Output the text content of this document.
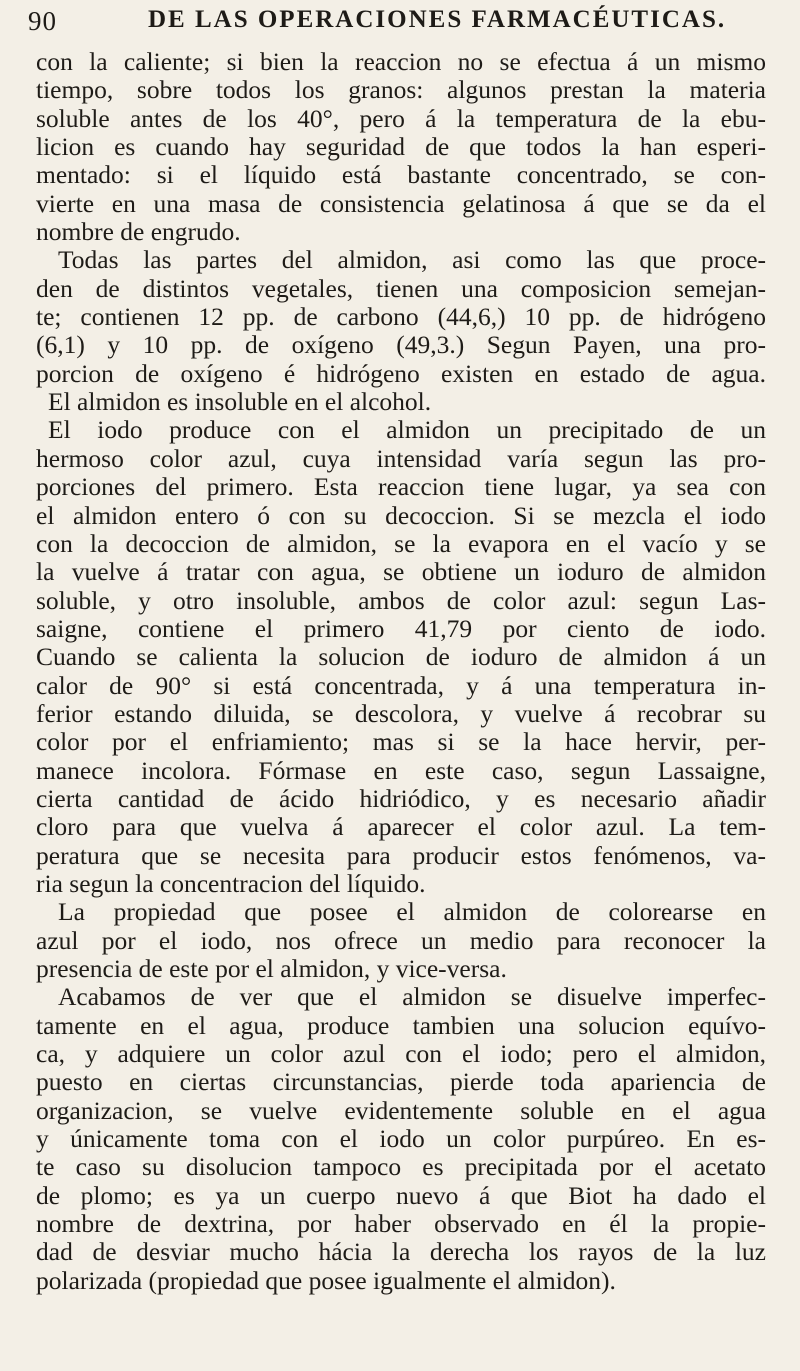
90	DE LAS OPERACIONES FARMACÉUTICAS.
con la caliente; si bien la reaccion no se efectua á un mismo
tiempo, sobre todos los granos: algunos prestan la materia
soluble antes de los 40°, pero á la temperatura de la ebu-
licion es cuando hay seguridad de que todos la han esperi-
mentado: si el líquido está bastante concentrado, se con-
vierte en una masa de consistencia gelatinosa á que se da el
nombre de engrudo.
Todas las partes del almidon, asi como las que proce-
den de distintos vegetales, tienen una composicion semejan-
te; contienen 12 pp. de carbono (44,6,) 10 pp. de hidrógeno
(6,1) y 10 pp. de oxígeno (49,3.) Segun Payen, una pro-
porcion de oxígeno é hidrógeno existen en estado de agua.
El almidon es insoluble en el alcohol.
El iodo produce con el almidon un precipitado de un
hermoso color azul, cuya intensidad varía segun las pro-
porciones del primero. Esta reaccion tiene lugar, ya sea con
el almidon entero ó con su decoccion. Si se mezcla el iodo
con la decoccion de almidon, se la evapora en el vacío y se
la vuelve á tratar con agua, se obtiene un ioduro de almidon
soluble, y otro insoluble, ambos de color azul: segun Las-
saigne, contiene el primero 41,79 por ciento de iodo.
Cuando se calienta la solucion de ioduro de almidon á un
calor de 90° si está concentrada, y á una temperatura in-
ferior estando diluida, se descolora, y vuelve á recobrar su
color por el enfriamiento; mas si se la hace hervir, per-
manece incolora. Fórmase en este caso, segun Lassaigne,
cierta cantidad de ácido hidriódico, y es necesario añadir
cloro para que vuelva á aparecer el color azul. La tem-
peratura que se necesita para producir estos fenómenos, va-
ria segun la concentracion del líquido.
La propiedad que posee el almidon de colorearse en
azul por el iodo, nos ofrece un medio para reconocer la
presencia de este por el almidon, y vice-versa.
Acabamos de ver que el almidon se disuelve imperfec-
tamente en el agua, produce tambien una solucion equívo-
ca, y adquiere un color azul con el iodo; pero el almidon,
puesto en ciertas circunstancias, pierde toda apariencia de
organizacion, se vuelve evidentemente soluble en el agua
y únicamente toma con el iodo un color purpúreo. En es-
te caso su disolucion tampoco es precipitada por el acetato
de plomo; es ya un cuerpo nuevo á que Biot ha dado el
nombre de dextrina, por haber observado en él la propie-
dad de desviar mucho hácia la derecha los rayos de la luz
polarizada (propiedad que posee igualmente el almidon).
